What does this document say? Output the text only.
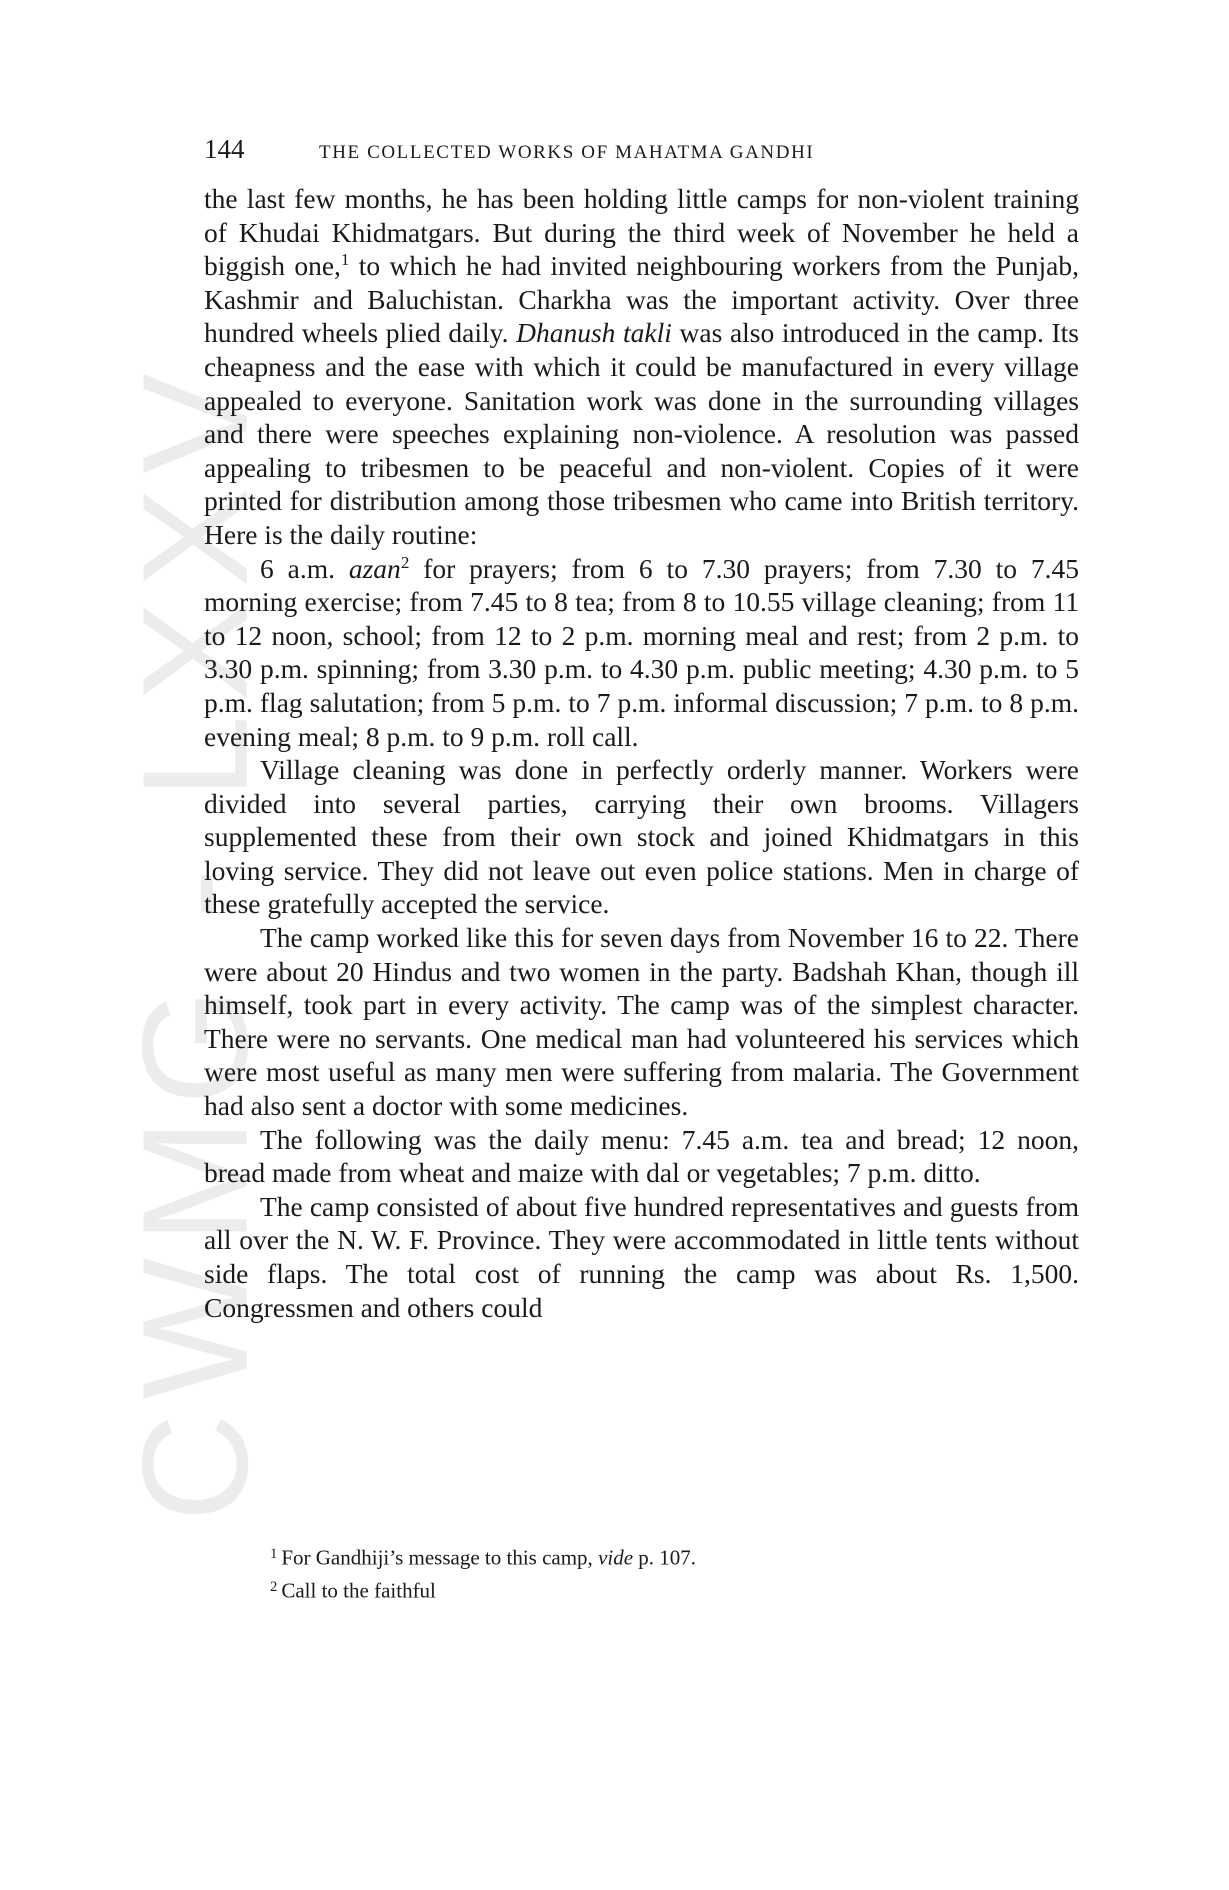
CWMG - LXXV
144	THE COLLECTED WORKS OF MAHATMA GANDHI

the last few months, he has been holding little camps for non-violent training of Khudai Khidmatgars. But during the third week of November he held a biggish one,$^1$ to which he had invited neighbouring workers from the Punjab, Kashmir and Baluchistan. Charkha was the important activity. Over three hundred wheels plied daily. Dhanush takli was also introduced in the camp. Its cheapness and the ease with which it could be manufactured in every village appealed to everyone. Sanitation work was done in the surrounding villages and there were speeches explaining non-violence. A resolution was passed appealing to tribesmen to be peaceful and non-violent. Copies of it were printed for distribution among those tribesmen who came into British territory. Here is the daily routine:

6 a.m. azan$^2$ for prayers; from 6 to 7.30 prayers; from 7.30 to 7.45 morning exercise; from 7.45 to 8 tea; from 8 to 10.55 village cleaning; from 11 to 12 noon, school; from 12 to 2 p.m. morning meal and rest; from 2 p.m. to 3.30 p.m. spinning; from 3.30 p.m. to 4.30 p.m. public meeting; 4.30 p.m. to 5 p.m. flag salutation; from 5 p.m. to 7 p.m. informal discussion; 7 p.m. to 8 p.m. evening meal; 8 p.m. to 9 p.m. roll call.

Village cleaning was done in perfectly orderly manner. Workers were divided into several parties, carrying their own brooms. Villagers supplemented these from their own stock and joined Khidmatgars in this loving service. They did not leave out even police stations. Men in charge of these gratefully accepted the service.

The camp worked like this for seven days from November 16 to 22. There were about 20 Hindus and two women in the party. Badshah Khan, though ill himself, took part in every activity. The camp was of the simplest character. There were no servants. One medical man had volunteered his services which were most useful as many men were suffering from malaria. The Government had also sent a doctor with some medicines.

The following was the daily menu: 7.45 a.m. tea and bread; 12 noon, bread made from wheat and maize with dal or vegetables; 7 p.m. ditto.

The camp consisted of about five hundred representatives and guests from all over the N. W. F. Province. They were accommodated in little tents without side flaps. The total cost of running the camp was about Rs. 1,500. Congressmen and others could

$^1$ For Gandhiji’s message to this camp, vide p. 107.
$^2$ Call to the faithful
